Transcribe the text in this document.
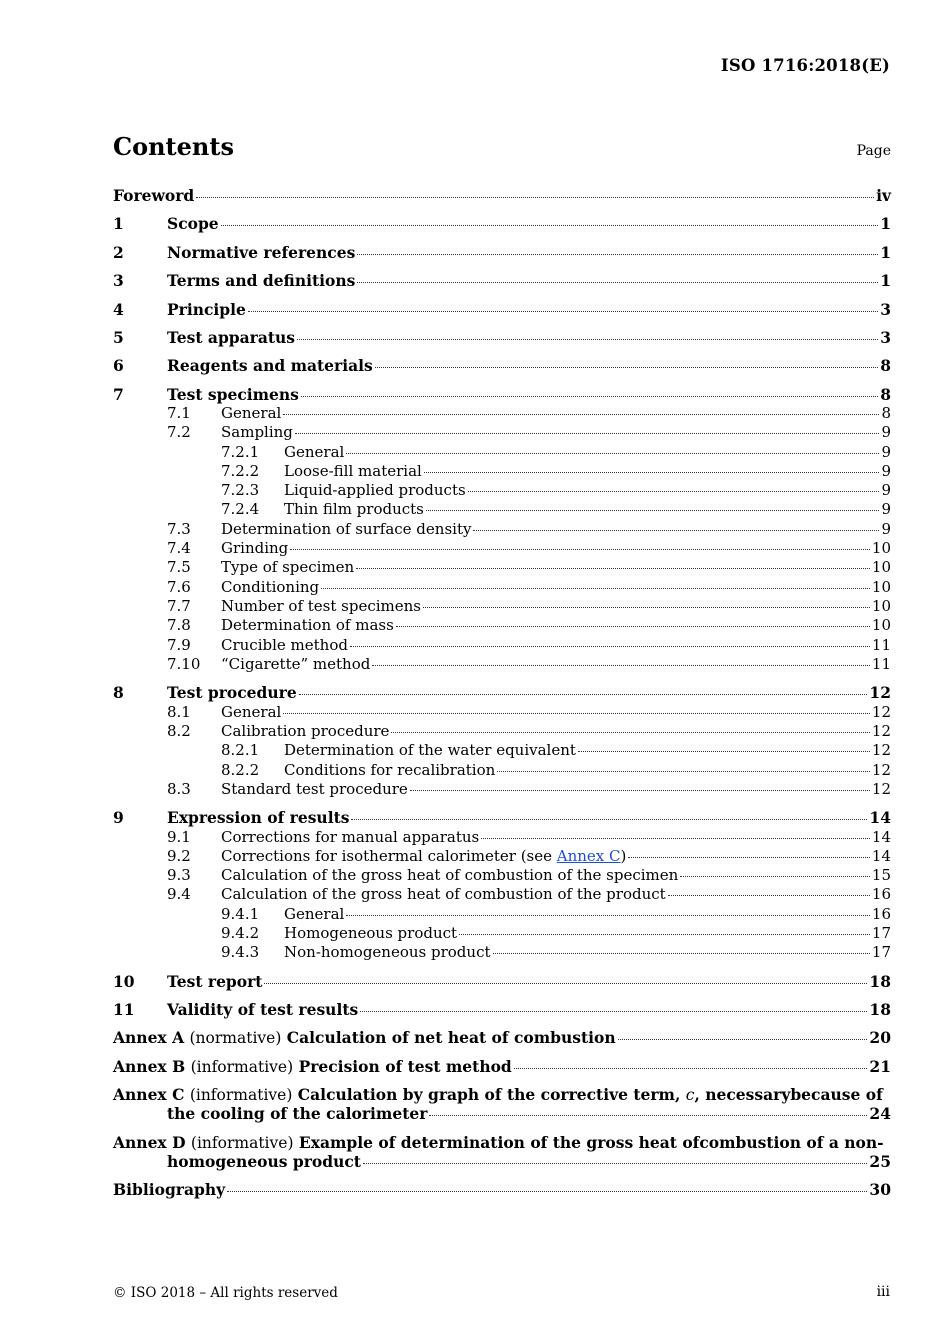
ISO 1716:2018(E)
Contents	Page
Foreword	iv
1	Scope	1
2	Normative references	1
3	Terms and definitions	1
4	Principle	3
5	Test apparatus	3
6	Reagents and materials	8
7	Test specimens	8
7.1	General	8
7.2	Sampling	9
7.2.1	General	9
7.2.2	Loose-fill material	9
7.2.3	Liquid-applied products	9
7.2.4	Thin film products	9
7.3	Determination of surface density	9
7.4	Grinding	10
7.5	Type of specimen	10
7.6	Conditioning	10
7.7	Number of test specimens	10
7.8	Determination of mass	10
7.9	Crucible method	11
7.10	“Cigarette” method	11
8	Test procedure	12
8.1	General	12
8.2	Calibration procedure	12
8.2.1	Determination of the water equivalent	12
8.2.2	Conditions for recalibration	12
8.3	Standard test procedure	12
9	Expression of results	14
9.1	Corrections for manual apparatus	14
9.2	Corrections for isothermal calorimeter (see Annex C)	14
9.3	Calculation of the gross heat of combustion of the specimen	15
9.4	Calculation of the gross heat of combustion of the product	16
9.4.1	General	16
9.4.2	Homogeneous product	17
9.4.3	Non-homogeneous product	17
10	Test report	18
11	Validity of test results	18
Annex A (normative) Calculation of net heat of combustion	20
Annex B (informative) Precision of test method	21
Annex C (informative) Calculation by graph of the corrective term, c, necessarybecause of
the cooling of the calorimeter	24
Annex D (informative) Example of determination of the gross heat ofcombustion of a non-
homogeneous product	25
Bibliography	30
© ISO 2018 – All rights reserved	iii
